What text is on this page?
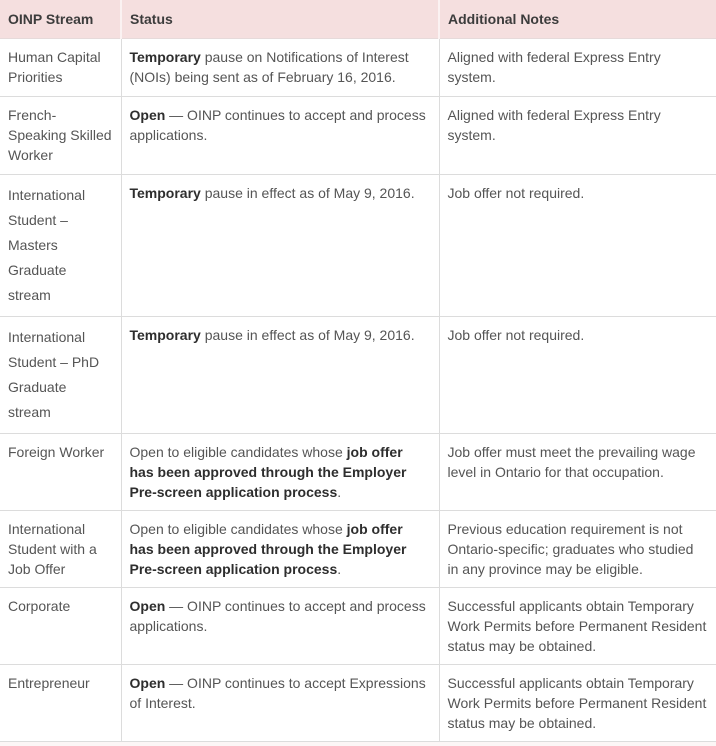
OINP Stream	Status	Additional Notes
Human Capital Priorities	Temporary pause on Notifications of Interest (NOIs) being sent as of February 16, 2016.	Aligned with federal Express Entry system.
French-Speaking Skilled Worker	Open — OINP continues to accept and process applications.	Aligned with federal Express Entry system.
International Student – Masters Graduate stream	Temporary pause in effect as of May 9, 2016.	Job offer not required.
International Student – PhD Graduate stream	Temporary pause in effect as of May 9, 2016.	Job offer not required.
Foreign Worker	Open to eligible candidates whose job offer has been approved through the Employer Pre-screen application process.	Job offer must meet the prevailing wage level in Ontario for that occupation.
International Student with a Job Offer	Open to eligible candidates whose job offer has been approved through the Employer Pre-screen application process.	Previous education requirement is not Ontario-specific; graduates who studied in any province may be eligible.
Corporate	Open — OINP continues to accept and process applications.	Successful applicants obtain Temporary Work Permits before Permanent Resident status may be obtained.
Entrepreneur	Open — OINP continues to accept Expressions of Interest.	Successful applicants obtain Temporary Work Permits before Permanent Resident status may be obtained.
